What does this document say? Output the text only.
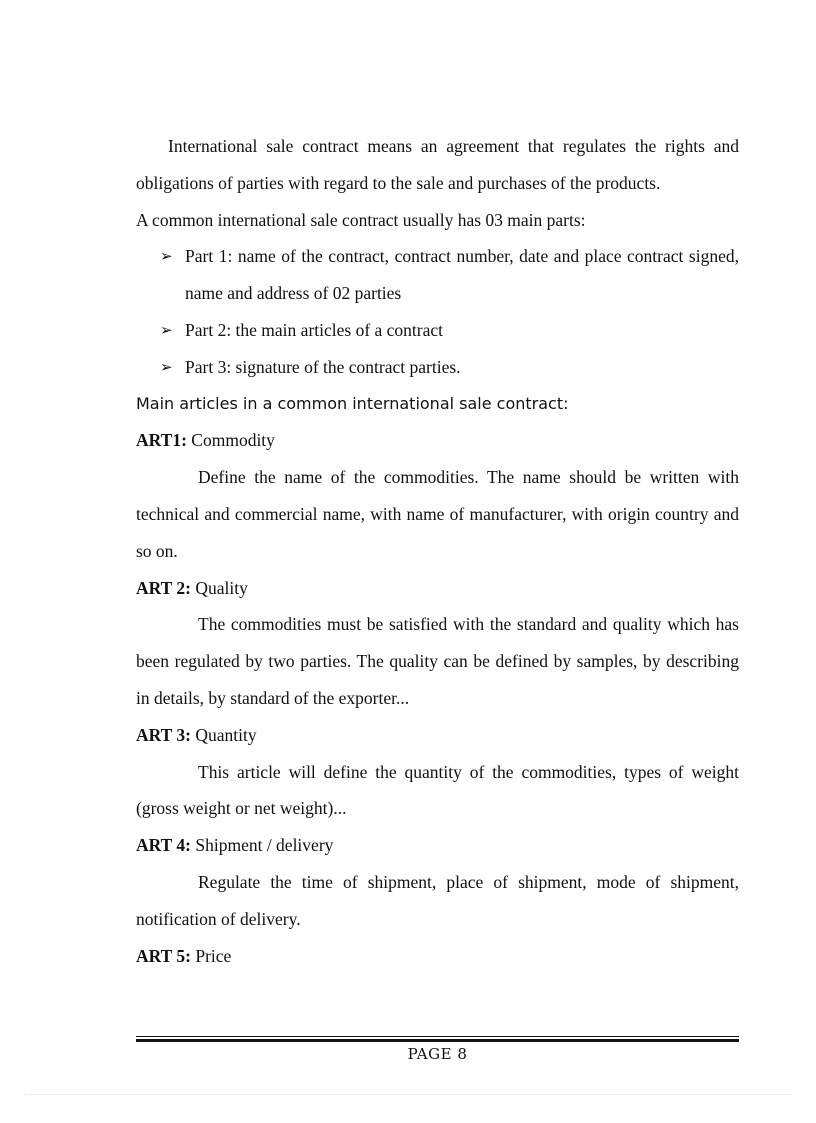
International sale contract means an agreement that regulates the rights and obligations of parties with regard to the sale and purchases of the products.

A common international sale contract usually has 03 main parts:

➢ Part 1: name of the contract, contract number, date and place contract signed, name and address of 02 parties
➢ Part 2: the main articles of a contract
➢ Part 3: signature of the contract parties.

Main articles in a common international sale contract:

ART1: Commodity

Define the name of the commodities. The name should be written with technical and commercial name, with name of manufacturer, with origin country and so on.

ART 2: Quality

The commodities must be satisfied with the standard and quality which has been regulated by two parties. The quality can be defined by samples, by describing in details, by standard of the exporter...

ART 3: Quantity

This article will define the quantity of the commodities, types of weight (gross weight or net weight)...

ART 4: Shipment / delivery

Regulate the time of shipment, place of shipment, mode of shipment, notification of delivery.

ART 5: Price

PAGE 8
